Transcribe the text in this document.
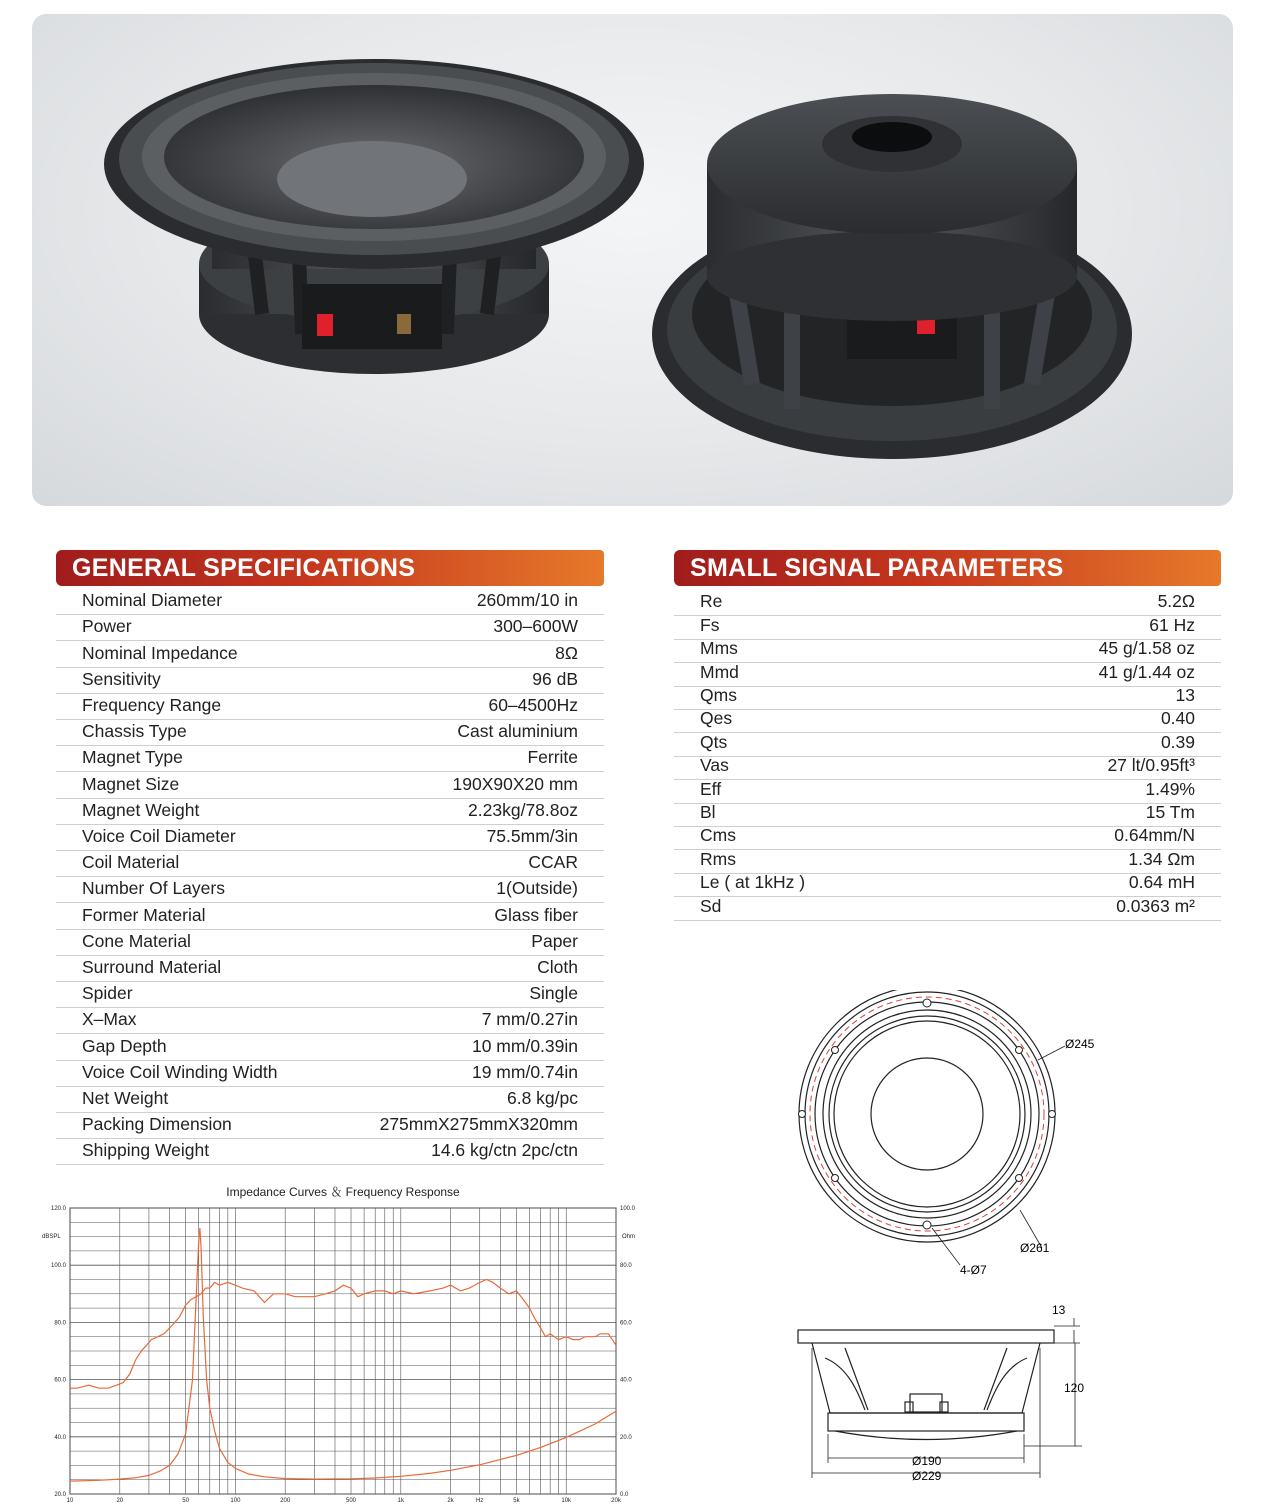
GENERAL SPECIFICATIONS
Nominal Diameter	260mm/10 in
Power	300–600W
Nominal Impedance	8Ω
Sensitivity	96 dB
Frequency Range	60–4500Hz
Chassis Type	Cast aluminium
Magnet Type	Ferrite
Magnet Size	190X90X20 mm
Magnet Weight	2.23kg/78.8oz
Voice Coil Diameter	75.5mm/3in
Coil Material	CCAR
Number Of Layers	1(Outside)
Former Material	Glass fiber
Cone Material	Paper
Surround Material	Cloth
Spider	Single
X–Max	7 mm/0.27in
Gap Depth	10 mm/0.39in
Voice Coil Winding Width	19 mm/0.74in
Net Weight	6.8 kg/pc
Packing Dimension	275mmX275mmX320mm
Shipping Weight	14.6 kg/ctn 2pc/ctn
SMALL SIGNAL PARAMETERS
Re	5.2Ω
Fs	61 Hz
Mms	45 g/1.58 oz
Mmd	41 g/1.44 oz
Qms	13
Qes	0.40
Qts	0.39
Vas	27 lt/0.95ft³
Eff	1.49%
Bl	15 Tm
Cms	0.64mm/N
Rms	1.34 Ωm
Le ( at 1kHz )	0.64 mH
Sd	0.0363 m²
Impedance Curves ＆ Frequency Response
dBSPL	Ohm
20.0
40.0
60.0
80.0
100.0
120.0
0.0
20.0
40.0
60.0
80.0
100.0
10	20	50	100	200	500	1k	2k	Hz	5k	10k	20k
Ø245
Ø261
4-Ø7
13
120
Ø190
Ø229
